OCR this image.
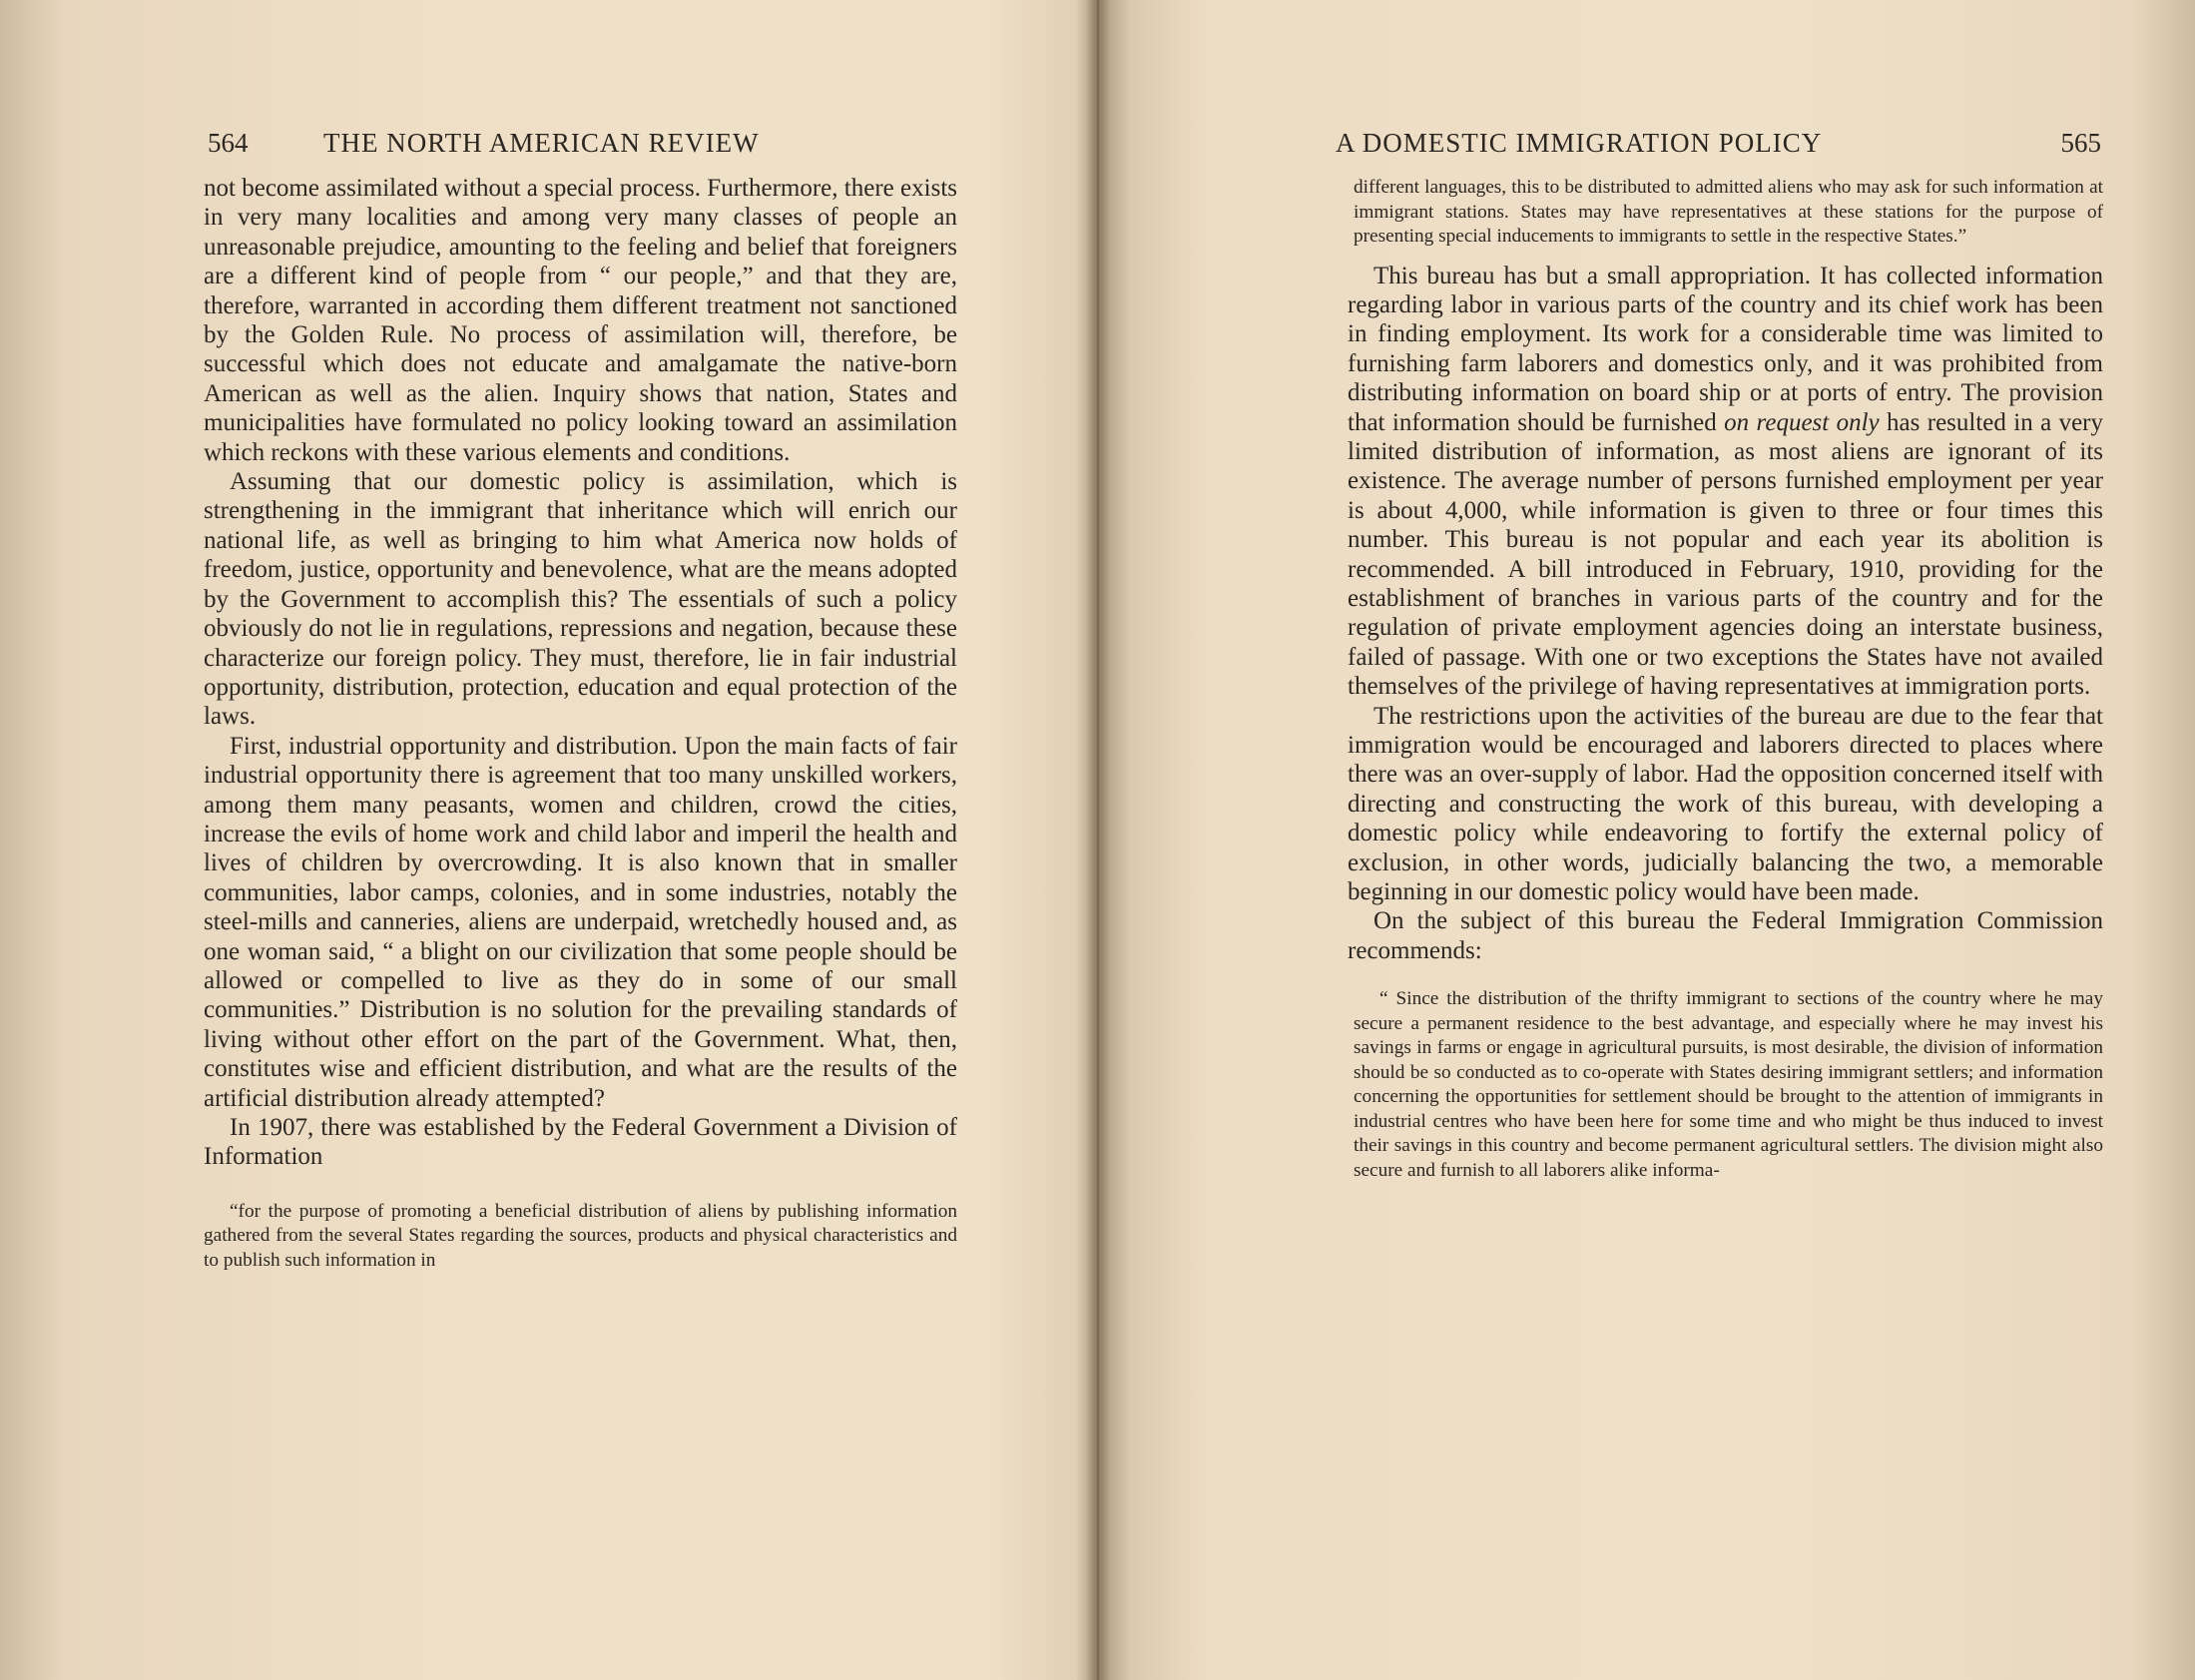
564	THE NORTH AMERICAN REVIEW

not become assimilated without a special process. Furthermore, there exists in very many localities and among very many classes of people an unreasonable prejudice, amounting to the feeling and belief that foreigners are a different kind of people from “ our people,” and that they are, therefore, warranted in according them different treatment not sanctioned by the Golden Rule. No process of assimilation will, therefore, be successful which does not educate and amalgamate the native-born American as well as the alien. Inquiry shows that nation, States and municipalities have formulated no policy looking toward an assimilation which reckons with these various elements and conditions.

Assuming that our domestic policy is assimilation, which is strengthening in the immigrant that inheritance which will enrich our national life, as well as bringing to him what America now holds of freedom, justice, opportunity and benevolence, what are the means adopted by the Government to accomplish this? The essentials of such a policy obviously do not lie in regulations, repressions and negation, because these characterize our foreign policy. They must, therefore, lie in fair industrial opportunity, distribution, protection, education and equal protection of the laws.

First, industrial opportunity and distribution. Upon the main facts of fair industrial opportunity there is agreement that too many unskilled workers, among them many peasants, women and children, crowd the cities, increase the evils of home work and child labor and imperil the health and lives of children by overcrowding. It is also known that in smaller communities, labor camps, colonies, and in some industries, notably the steel-mills and canneries, aliens are underpaid, wretchedly housed and, as one woman said, “ a blight on our civilization that some people should be allowed or compelled to live as they do in some of our small communities.” Distribution is no solution for the prevailing standards of living without other effort on the part of the Government. What, then, constitutes wise and efficient distribution, and what are the results of the artificial distribution already attempted?

In 1907, there was established by the Federal Government a Division of Information

“for the purpose of promoting a beneficial distribution of aliens by publishing information gathered from the several States regarding the sources, products and physical characteristics and to publish such information in

A DOMESTIC IMMIGRATION POLICY	565

different languages, this to be distributed to admitted aliens who may ask for such information at immigrant stations. States may have representatives at these stations for the purpose of presenting special inducements to immigrants to settle in the respective States.”

This bureau has but a small appropriation. It has collected information regarding labor in various parts of the country and its chief work has been in finding employment. Its work for a considerable time was limited to furnishing farm laborers and domestics only, and it was prohibited from distributing information on board ship or at ports of entry. The provision that information should be furnished on request only has resulted in a very limited distribution of information, as most aliens are ignorant of its existence. The average number of persons furnished employment per year is about 4,000, while information is given to three or four times this number. This bureau is not popular and each year its abolition is recommended. A bill introduced in February, 1910, providing for the establishment of branches in various parts of the country and for the regulation of private employment agencies doing an interstate business, failed of passage. With one or two exceptions the States have not availed themselves of the privilege of having representatives at immigration ports.

The restrictions upon the activities of the bureau are due to the fear that immigration would be encouraged and laborers directed to places where there was an over-supply of labor. Had the opposition concerned itself with directing and constructing the work of this bureau, with developing a domestic policy while endeavoring to fortify the external policy of exclusion, in other words, judicially balancing the two, a memorable beginning in our domestic policy would have been made.

On the subject of this bureau the Federal Immigration Commission recommends:

“ Since the distribution of the thrifty immigrant to sections of the country where he may secure a permanent residence to the best advantage, and especially where he may invest his savings in farms or engage in agricultural pursuits, is most desirable, the division of information should be so conducted as to co-operate with States desiring immigrant settlers; and information concerning the opportunities for settlement should be brought to the attention of immigrants in industrial centres who have been here for some time and who might be thus induced to invest their savings in this country and become permanent agricultural settlers. The division might also secure and furnish to all laborers alike informa-
